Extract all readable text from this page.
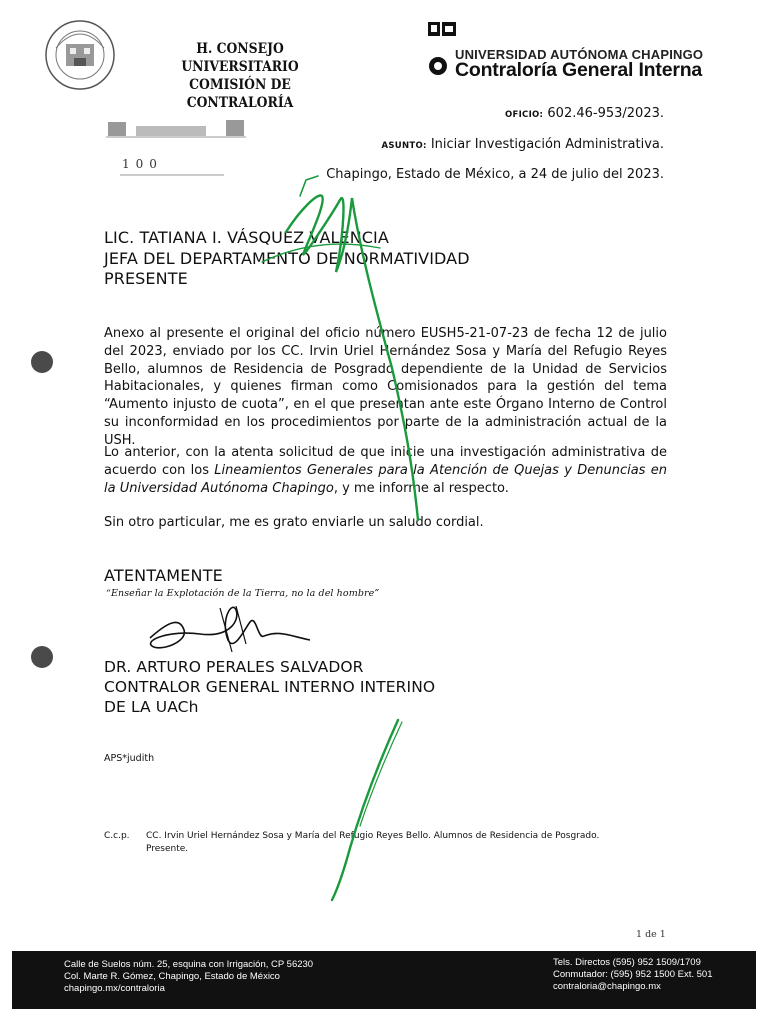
H. CONSEJO UNIVERSITARIO
COMISIÓN DE CONTRALORÍA
UNIVERSIDAD AUTÓNOMA CHAPINGO
Contraloría General Interna
100
OFICIO: 602.46-953/2023.
ASUNTO: Iniciar Investigación Administrativa.
Chapingo, Estado de México, a 24 de julio del 2023.
LIC. TATIANA I. VÁSQUEZ VALENCIA
JEFA DEL DEPARTAMENTO DE NORMATIVIDAD
PRESENTE
Anexo al presente el original del oficio número EUSH5-21-07-23 de fecha 12 de julio del 2023, enviado por los CC. Irvin Uriel Hernández Sosa y María del Refugio Reyes Bello, alumnos de Residencia de Posgrado dependiente de la Unidad de Servicios Habitacionales, y quienes firman como Comisionados para la gestión del tema “Aumento injusto de cuota”, en el que presentan ante este Órgano Interno de Control su inconformidad en los procedimientos por parte de la administración actual de la USH.
Lo anterior, con la atenta solicitud de que inicie una investigación administrativa de acuerdo con los Lineamientos Generales para la Atención de Quejas y Denuncias en la Universidad Autónoma Chapingo, y me informe al respecto.
Sin otro particular, me es grato enviarle un saludo cordial.
ATENTAMENTE
“Enseñar la Explotación de la Tierra, no la del hombre”
DR. ARTURO PERALES SALVADOR
CONTRALOR GENERAL INTERNO INTERINO
DE LA UACh
APS*judith
C.c.p. CC. Irvin Uriel Hernández Sosa y María del Refugio Reyes Bello. Alumnos de Residencia de Posgrado.
Presente.
1 de 1
Calle de Suelos núm. 25, esquina con Irrigación, CP 56230
Col. Marte R. Gómez, Chapingo, Estado de México
chapingo.mx/contraloria
Tels. Directos (595) 952 1509/1709
Conmutador: (595) 952 1500 Ext. 501
contraloria@chapingo.mx
